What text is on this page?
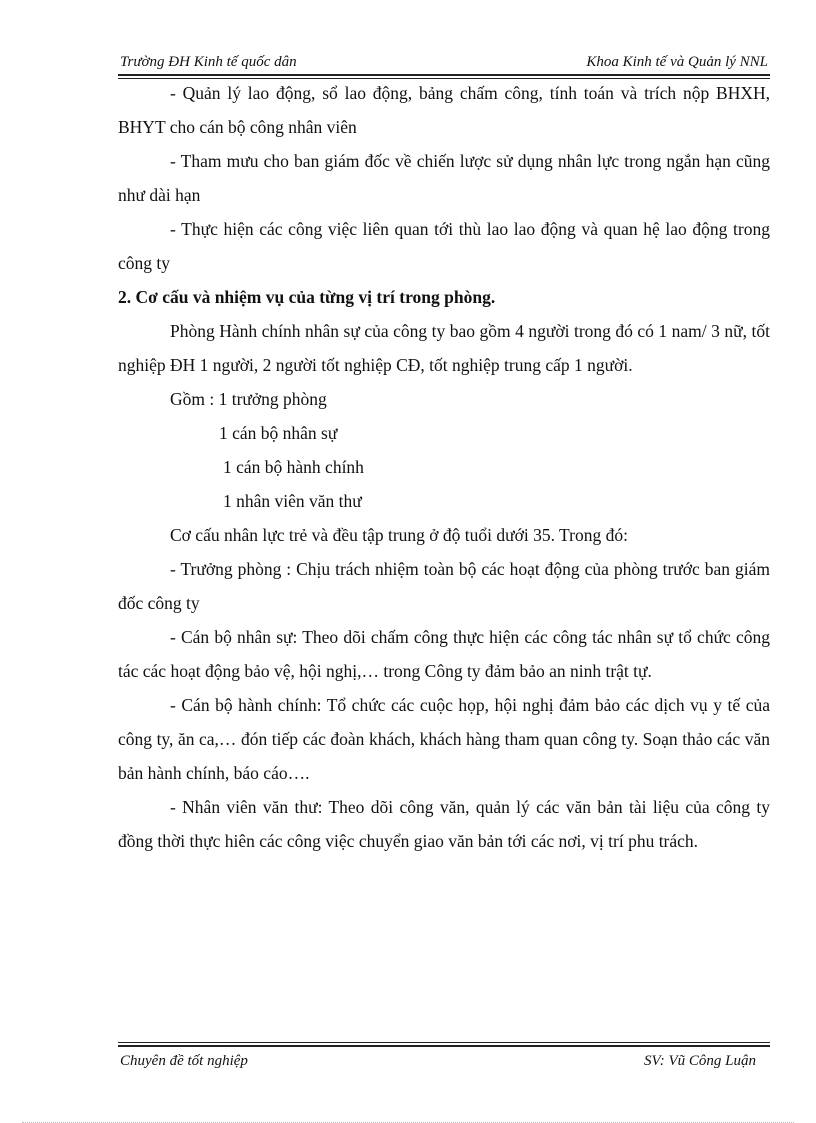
Trường ĐH Kinh tế quốc dân	Khoa Kinh tế và Quản lý NNL

- Quản lý lao động, sổ lao động, bảng chấm công, tính toán và trích nộp BHXH, BHYT cho cán bộ công nhân viên

- Tham mưu cho ban giám đốc về chiến lược sử dụng nhân lực trong ngắn hạn cũng như dài hạn

- Thực hiện các công việc liên quan tới thù lao lao động và quan hệ lao động trong công ty

2. Cơ cấu và nhiệm vụ của từng vị trí trong phòng.

Phòng Hành chính nhân sự của công ty bao gồm 4 người trong đó có 1 nam/ 3 nữ, tốt nghiệp ĐH 1 người, 2 người tốt nghiệp CĐ, tốt nghiệp trung cấp 1 người.

Gồm : 1 trưởng phòng

1 cán bộ nhân sự

1 cán bộ hành chính

1 nhân viên văn thư

Cơ cấu nhân lực trẻ và đều tập trung ở độ tuổi dưới 35. Trong đó:

- Trưởng phòng : Chịu trách nhiệm toàn bộ các hoạt động của phòng trước ban giám đốc công ty

- Cán bộ nhân sự: Theo dõi chấm công thực hiện các công tác nhân sự tổ chức công tác các hoạt động bảo vệ, hội nghị,… trong Công ty đảm bảo an ninh trật tự.

- Cán bộ hành chính: Tổ chức các cuộc họp, hội nghị đảm bảo các dịch vụ y tế của công ty, ăn ca,… đón tiếp các đoàn khách, khách hàng tham quan công ty. Soạn thảo các văn bản hành chính, báo cáo….

- Nhân viên văn thư: Theo dõi công văn, quản lý các văn bản tài liệu của công ty đồng thời thực hiên các công việc chuyển giao văn bản tới các nơi, vị trí phu trách.

Chuyên đề tốt nghiệp	SV: Vũ Công Luận
